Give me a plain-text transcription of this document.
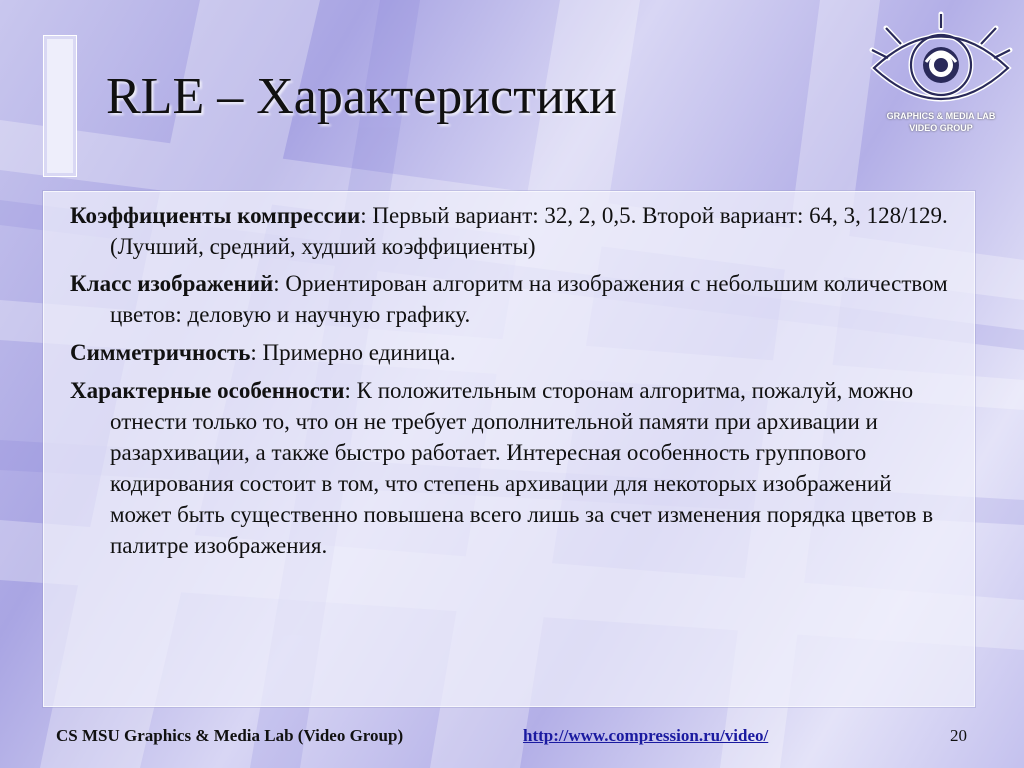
RLE – Характеристики	GRAPHICS & MEDIA LAB
VIDEO GROUP
Коэффициенты компрессии: Первый вариант: 32, 2, 0,5. Второй вариант: 64, 3, 128/129. (Лучший, средний, худший коэффициенты)
Класс изображений: Ориентирован алгоритм на изображения с небольшим количеством цветов: деловую и научную графику.
Симметричность: Примерно единица.
Характерные особенности: К положительным сторонам алгоритма, пожалуй, можно отнести только то, что он не требует дополнительной памяти при архивации и разархивации, а также быстро работает. Интересная особенность группового кодирования состоит в том, что степень архивации для некоторых изображений может быть существенно повышена всего лишь за счет изменения порядка цветов в палитре изображения.
CS MSU Graphics & Media Lab (Video Group)	http://www.compression.ru/video/	20
